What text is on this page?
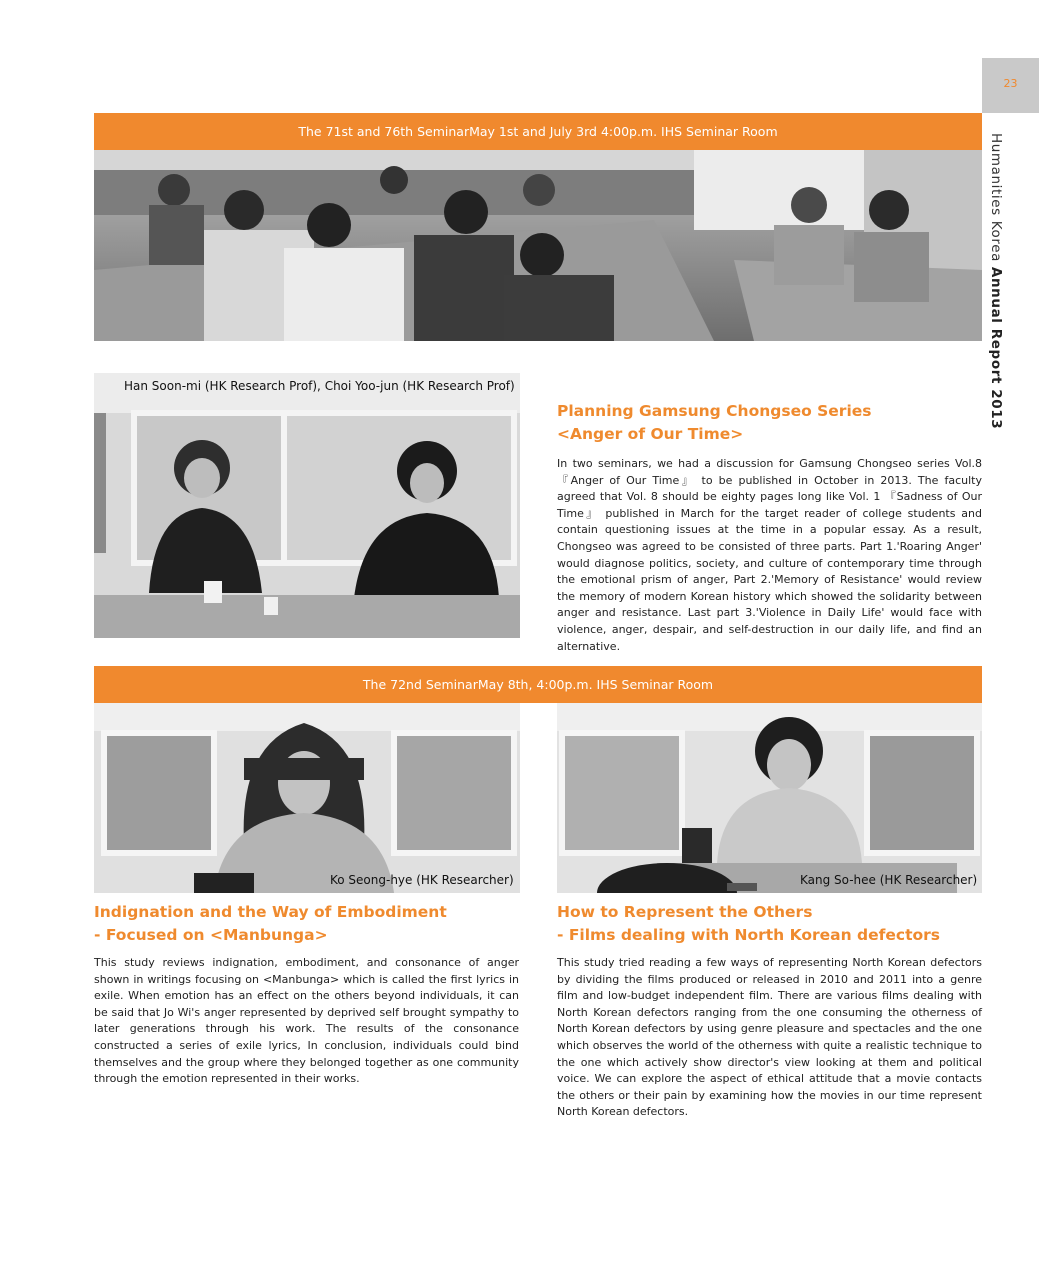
23
Humanities Korea Annual Report 2013
The 71st and 76th Seminar May 1st and July 3rd 4:00p.m. IHS Seminar Room
Han Soon-mi (HK Research Prof), Choi Yoo-jun (HK Research Prof)
Planning Gamsung Chongseo Series
<Anger of Our Time>

In two seminars, we had a discussion for Gamsung Chongseo series Vol.8 『Anger of Our Time』 to be published in October in 2013. The faculty agreed that Vol. 8 should be eighty pages long like Vol. 1 『Sadness of Our Time』 published in March for the target reader of college students and contain questioning issues at the time in a popular essay. As a result, Chongseo was agreed to be consisted of three parts. Part 1.'Roaring Anger' would diagnose politics, society, and culture of contemporary time through the emotional prism of anger, Part 2.'Memory of Resistance' would review the memory of modern Korean history which showed the solidarity between anger and resistance. Last part 3.'Violence in Daily Life' would face with violence, anger, despair, and self-destruction in our daily life, and find an alternative.

The 72nd Seminar May 8th, 4:00p.m. IHS Seminar Room
Ko Seong-hye (HK Researcher)	Kang So-hee (HK Researcher)
Indignation and the Way of Embodiment
- Focused on <Manbunga>

This study reviews indignation, embodiment, and consonance of anger shown in writings focusing on <Manbunga> which is called the first lyrics in exile. When emotion has an effect on the others beyond individuals, it can be said that Jo Wi's anger represented by deprived self brought sympathy to later generations through his work. The results of the consonance constructed a series of exile lyrics, In conclusion, individuals could bind themselves and the group where they belonged together as one community through the emotion represented in their works.

How to Represent the Others
- Films dealing with North Korean defectors

This study tried reading a few ways of representing North Korean defectors by dividing the films produced or released in 2010 and 2011 into a genre film and low-budget independent film. There are various films dealing with North Korean defectors ranging from the one consuming the otherness of North Korean defectors by using genre pleasure and spectacles and the one which observes the world of the otherness with quite a realistic technique to the one which actively show director's view looking at them and political voice. We can explore the aspect of ethical attitude that a movie contacts the others or their pain by examining how the movies in our time represent North Korean defectors.
